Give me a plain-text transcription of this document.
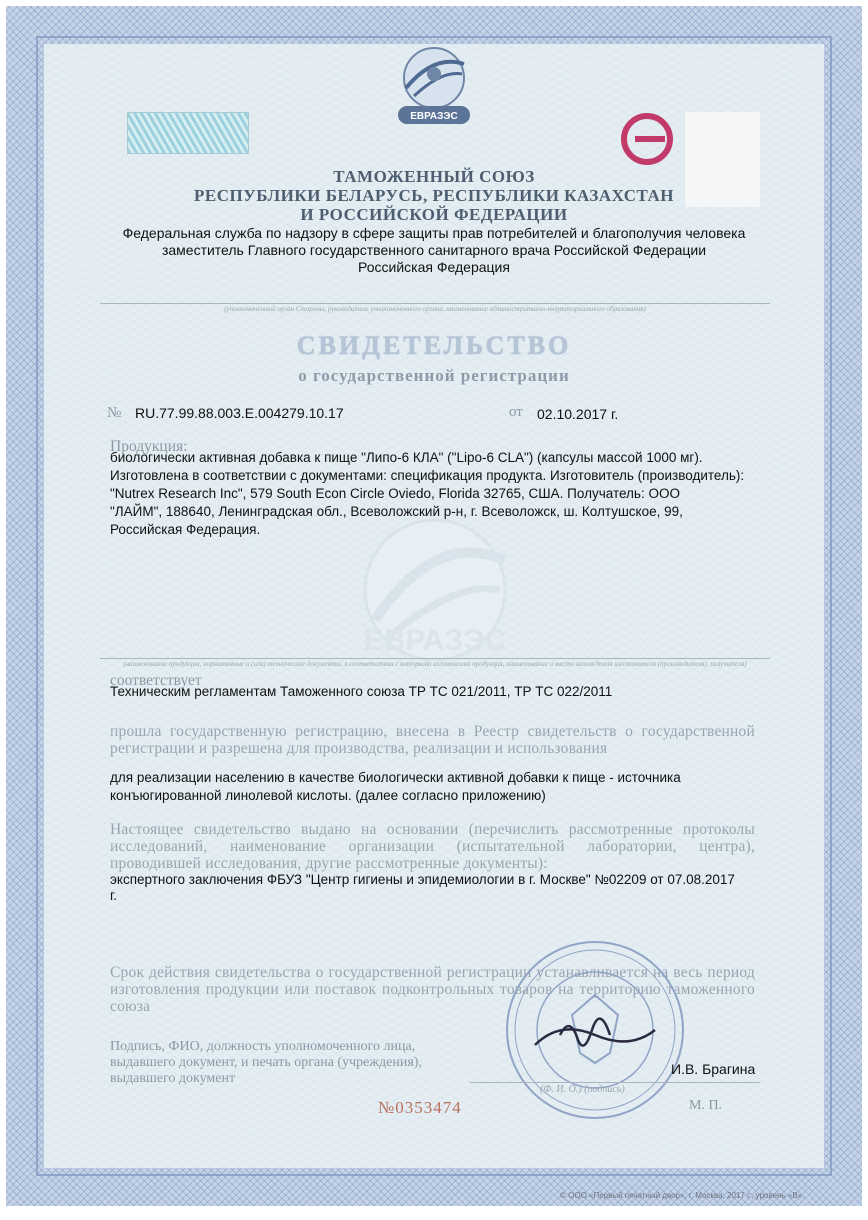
ЕВРАЗЭС
ТАМОЖЕННЫЙ СОЮЗ
РЕСПУБЛИКИ БЕЛАРУСЬ, РЕСПУБЛИКИ КАЗАХСТАН
И РОССИЙСКОЙ ФЕДЕРАЦИИ
Федеральная служба по надзору в сфере защиты прав потребителей и благополучия человека
заместитель Главного государственного санитарного врача Российской Федерации
Российская Федерация
(уполномоченный орган Стороны, руководитель уполномоченного органа, наименование административно-территориального образования)
СВИДЕТЕЛЬСТВО
о государственной регистрации
№ RU.77.99.88.003.Е.004279.10.17	от 02.10.2017 г.
ЕВРАЗЭС
Продукция:
биологически активная добавка к пище "Липо-6 КЛА" ("Lipo-6 CLA") (капсулы массой 1000 мг).
Изготовлена в соответствии с документами: спецификация продукта. Изготовитель (производитель):
"Nutrex Research Inc", 579 South Econ Circle Oviedo, Florida 32765, США. Получатель: ООО
"ЛАЙМ", 188640, Ленинградская обл., Всеволожский р-н, г. Всеволожск, ш. Колтушское, 99,
Российская Федерация.
(наименование продукции, нормативные и (или) технические документы, в соответствии с которыми изготовлена продукция, наименование и место нахождения изготовителя (производителя), получателя)
соответствует
Техническим регламентам Таможенного союза ТР ТС 021/2011, ТР ТС 022/2011
прошла государственную регистрацию, внесена в Реестр свидетельств о государственной регистрации и разрешена для производства, реализации и использования
для реализации населению в качестве биологически активной добавки к пище - источника
конъюгированной линолевой кислоты. (далее согласно приложению)
Настоящее свидетельство выдано на основании (перечислить рассмотренные протоколы исследований, наименование организации (испытательной лаборатории, центра), проводившей исследования, другие рассмотренные документы):
экспертного заключения ФБУЗ "Центр гигиены и эпидемиологии в г. Москве" №02209 от 07.08.2017
г.
Срок действия свидетельства о государственной регистрации устанавливается на весь период изготовления продукции или поставок подконтрольных товаров на территорию таможенного союза
Подпись, ФИО, должность уполномоченного лица,
выдавшего документ, и печать органа (учреждения),
выдавшего документ
И.В. Брагина
(Ф. И. О.) (подпись)
М. П.
№0353474
© ООО «Первый печатный двор», г. Москва, 2017 г., уровень «В».
